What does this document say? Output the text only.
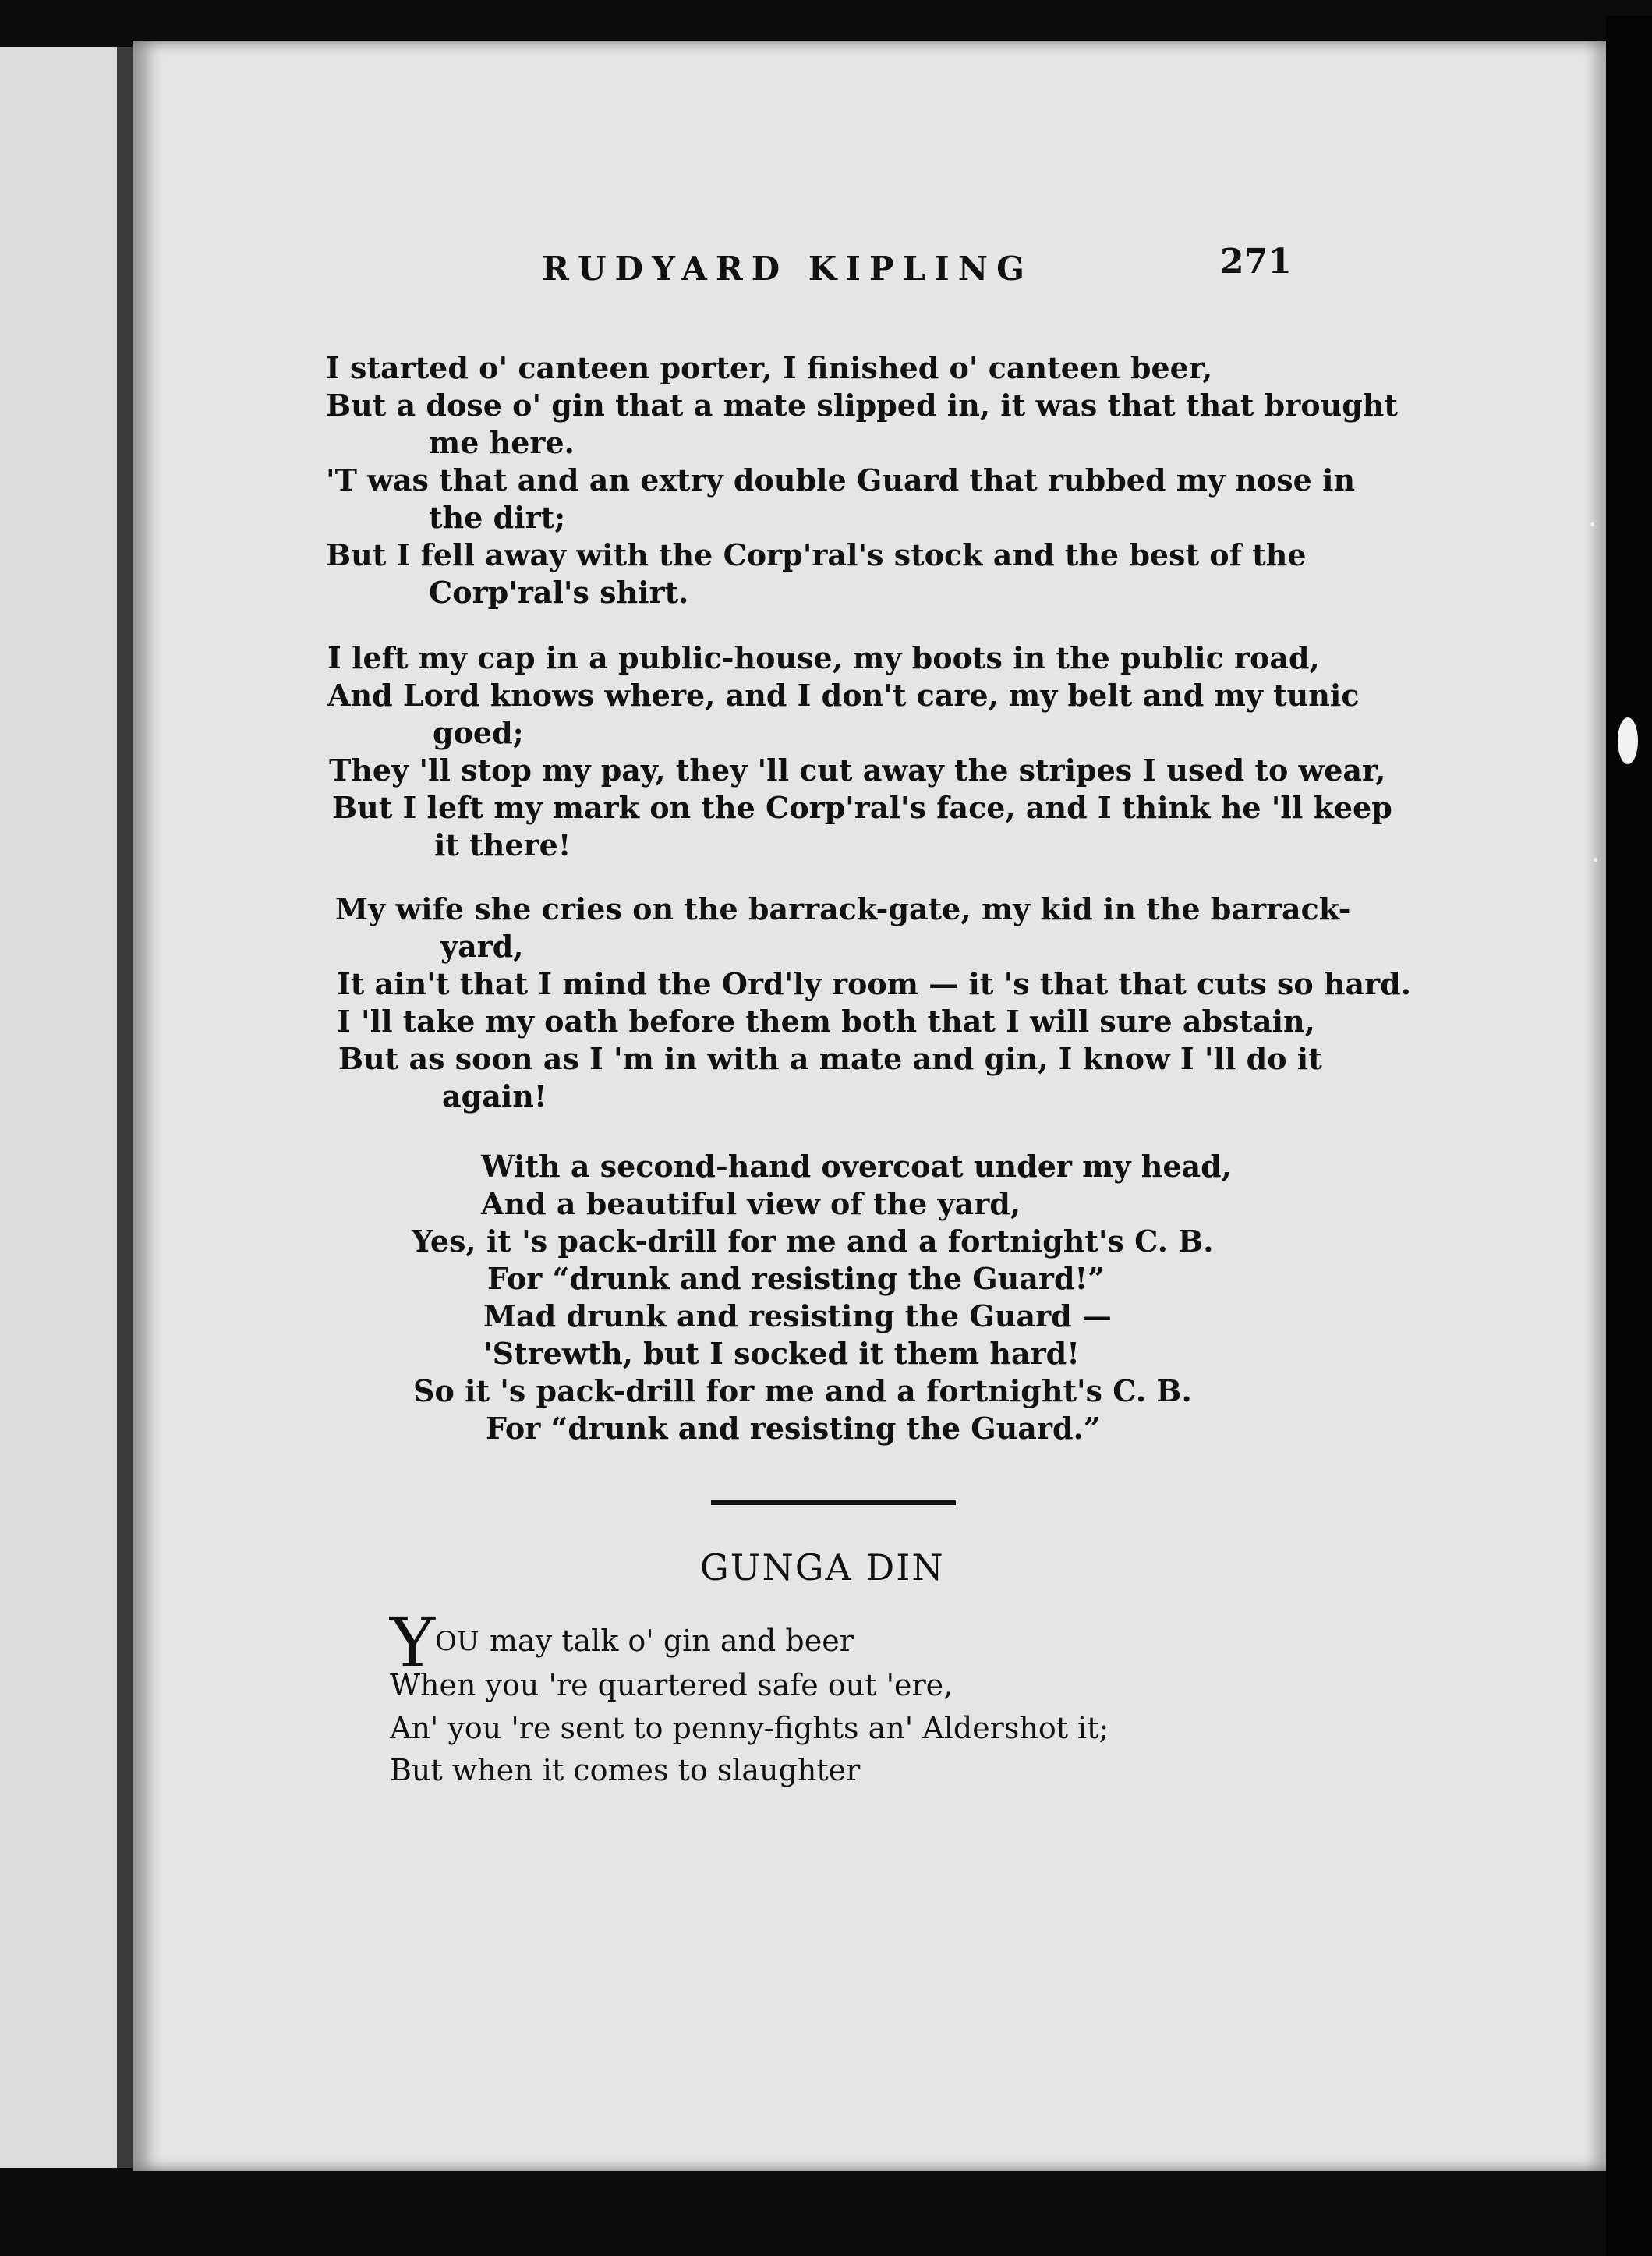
RUDYARD KIPLING	271
I started o' canteen porter, I finished o' canteen beer,
But a dose o' gin that a mate slipped in, it was that that brought
me here.
'T was that and an extry double Guard that rubbed my nose in
the dirt;
But I fell away with the Corp'ral's stock and the best of the
Corp'ral's shirt.
I left my cap in a public-house, my boots in the public road,
And Lord knows where, and I don't care, my belt and my tunic
goed;
They 'll stop my pay, they 'll cut away the stripes I used to wear,
But I left my mark on the Corp'ral's face, and I think he 'll keep
it there!
My wife she cries on the barrack-gate, my kid in the barrack-
yard,
It ain't that I mind the Ord'ly room — it 's that that cuts so hard.
I 'll take my oath before them both that I will sure abstain,
But as soon as I 'm in with a mate and gin, I know I 'll do it
again!
With a second-hand overcoat under my head,
And a beautiful view of the yard,
Yes, it 's pack-drill for me and a fortnight's C. B.
For “drunk and resisting the Guard!”
Mad drunk and resisting the Guard —
'Strewth, but I socked it them hard!
So it 's pack-drill for me and a fortnight's C. B.
For “drunk and resisting the Guard.”
GUNGA DIN
Y OU may talk o' gin and beer
When you 're quartered safe out 'ere,
An' you 're sent to penny-fights an' Aldershot it;
But when it comes to slaughter
